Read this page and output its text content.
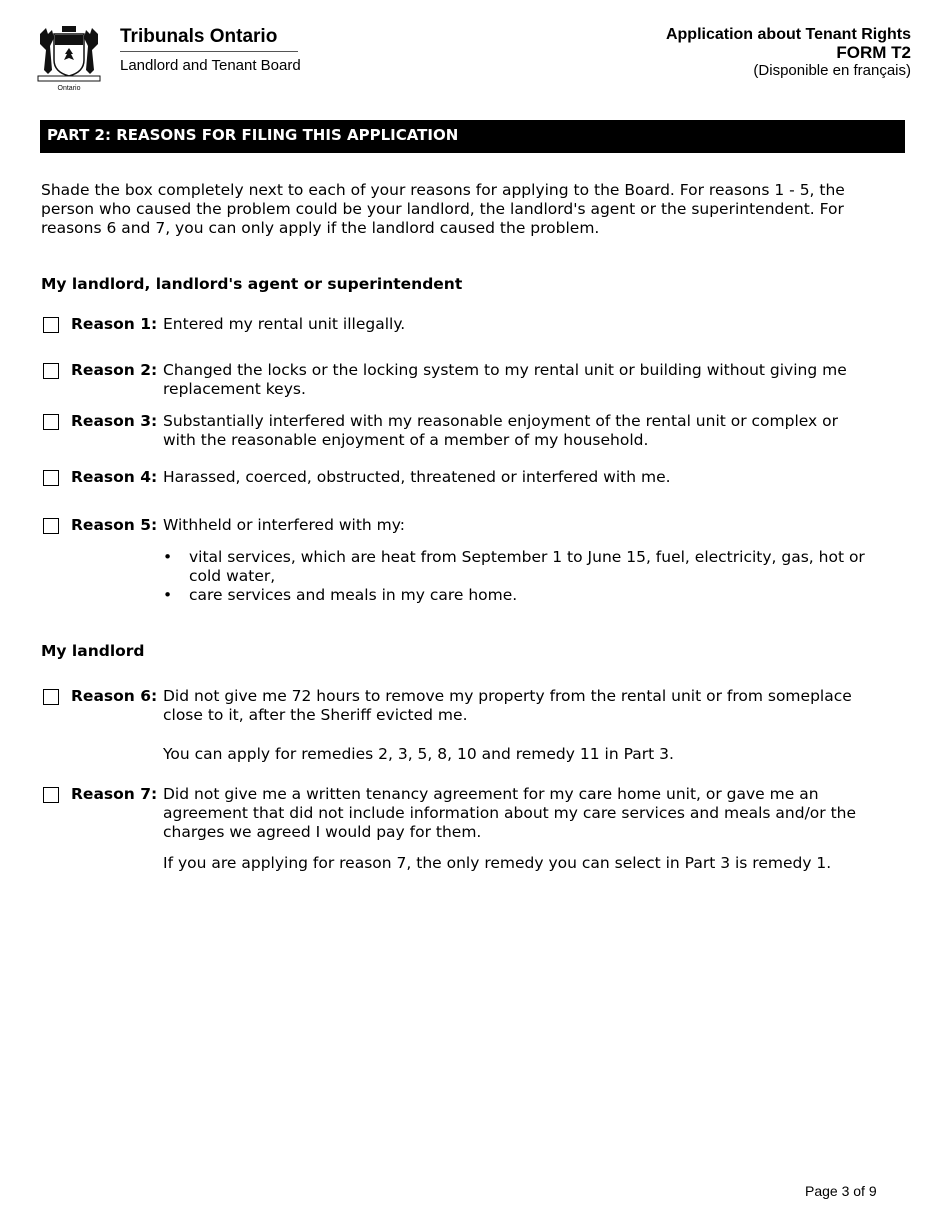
Ontario
Tribunals Ontario
Landlord and Tenant Board
Application about Tenant Rights
FORM T2
(Disponible en français)
PART 2: REASONS FOR FILING THIS APPLICATION
Shade the box completely next to each of your reasons for applying to the Board. For reasons 1 - 5, the person who caused the problem could be your landlord, the landlord's agent or the superintendent. For reasons 6 and 7, you can only apply if the landlord caused the problem.
My landlord, landlord's agent or superintendent
Reason 1: Entered my rental unit illegally.
Reason 2: Changed the locks or the locking system to my rental unit or building without giving me replacement keys.
Reason 3: Substantially interfered with my reasonable enjoyment of the rental unit or complex or with the reasonable enjoyment of a member of my household.
Reason 4: Harassed, coerced, obstructed, threatened or interfered with me.
Reason 5: Withheld or interfered with my:
• vital services, which are heat from September 1 to June 15, fuel, electricity, gas, hot or cold water,
• care services and meals in my care home.
My landlord
Reason 6: Did not give me 72 hours to remove my property from the rental unit or from someplace close to it, after the Sheriff evicted me.
You can apply for remedies 2, 3, 5, 8, 10 and remedy 11 in Part 3.
Reason 7: Did not give me a written tenancy agreement for my care home unit, or gave me an agreement that did not include information about my care services and meals and/or the charges we agreed I would pay for them.
If you are applying for reason 7, the only remedy you can select in Part 3 is remedy 1.
Page 3 of 9
